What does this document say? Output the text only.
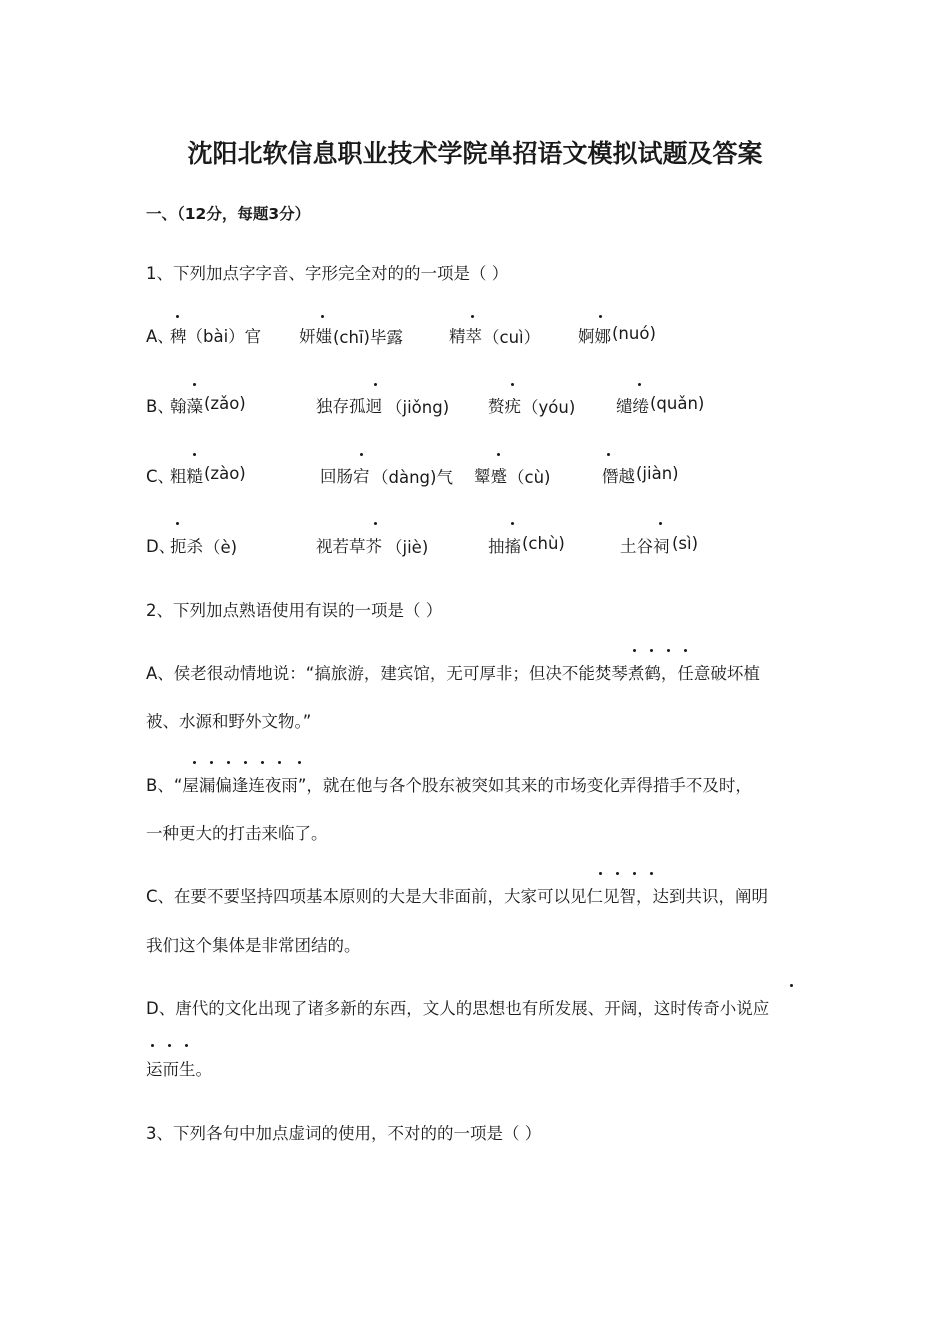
沈阳北软信息职业技术学院单招语文模拟试题及答案
一、（12分，每题3分）
1、下列加点字字音、字形完全对的的一项是（ ）
A、
稗（bài）官 妍媸 (chī)毕露	精萃 （cuì） 婀娜 (nuó)
B、
翰藻 (zǎo)	独存孤迥 （jiǒng) 赘疣 （yóu) 缱绻 (quǎn)
C、
粗糙 (zào)	回肠宕 （dàng)气 颦蹙 （cù)	僭越 (jiàn)
D、
扼杀 （è)	视若草芥 （jiè)	抽搐 (chù)	土谷祠 (sì)
2、下列加点熟语使用有误的一项是（ ）
A、侯老很动情地说：“搞旅游，建宾馆，无可厚非；但决不能焚琴煮鹤，任意破坏植
被、水源和野外文物。”
B、“屋漏偏逢连夜雨”，就在他与各个股东被突如其来的市场变化弄得措手不及时，
一种更大的打击来临了。
C、在要不要坚持四项基本原则的大是大非面前，大家可以见仁见智，达到共识，阐明
我们这个集体是非常团结的。
D、唐代的文化出现了诸多新的东西，文人的思想也有所发展、开阔，这时传奇小说应
运而生。
3、下列各句中加点虚词的使用，不对的的一项是（ ）
